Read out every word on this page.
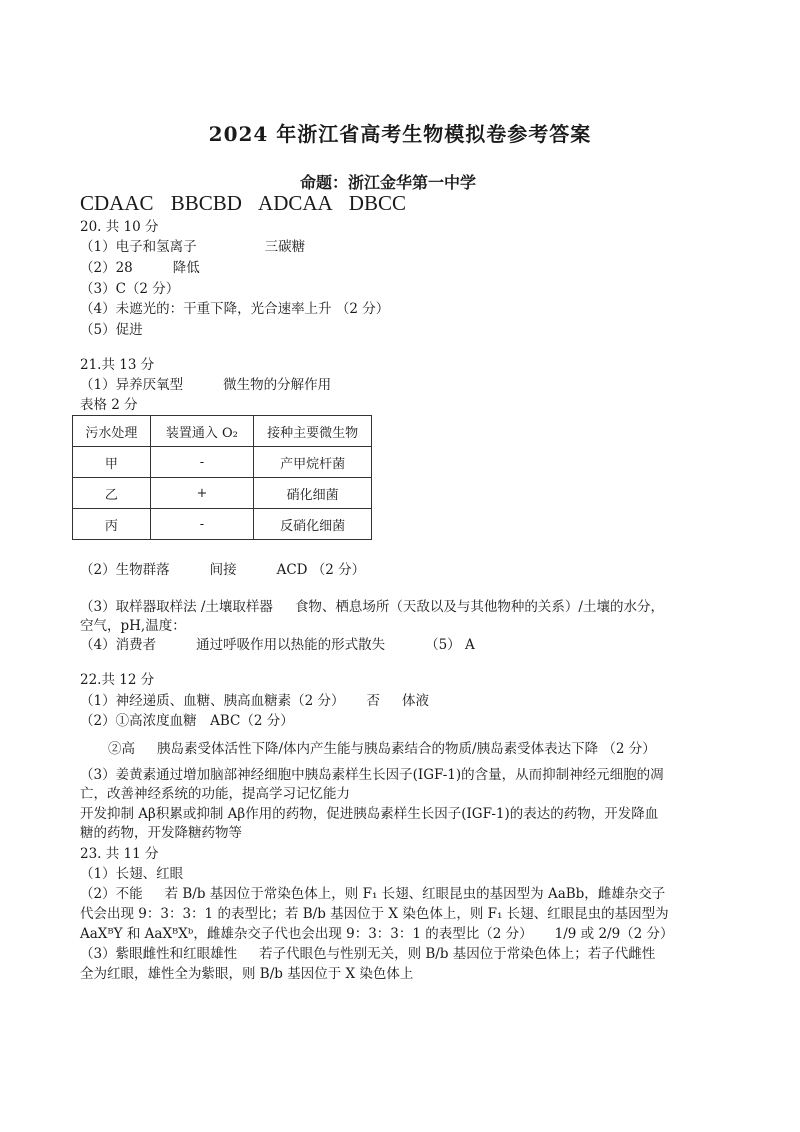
2024 年浙江省高考生物模拟卷参考答案
命题：浙江金华第一中学
CDAAC BBCBD ADCAA DBCC
20. 共 10 分
（1）电子和氢离子	三碳糖
（2）28	降低
（3）C（2 分）
（4）未遮光的：干重下降，光合速率上升 （2 分）
（5）促进
21.共 13 分
（1）异养厌氧型	微生物的分解作用
表格 2 分
污水处理	装置通入 O₂	接种主要微生物
甲	-	产甲烷杆菌
乙	+	硝化细菌
丙	-	反硝化细菌
（2）生物群落	间接	ACD （2 分）
（3）取样器取样法 /土壤取样器 食物、栖息场所（天敌以及与其他物种的关系）/土壤的水分，
空气，pH,温度：
（4）消费者	通过呼吸作用以热能的形式散失	（5） A
22.共 12 分
（1）神经递质、血糖、胰高血糖素（2 分） 否 体液
（2）①高浓度血糖　ABC（2 分）
②高 胰岛素受体活性下降/体内产生能与胰岛素结合的物质/胰岛素受体表达下降 （2 分）
（3）姜黄素通过增加脑部神经细胞中胰岛素样生长因子(IGF-1)的含量，从而抑制神经元细胞的凋
亡，改善神经系统的功能，提高学习记忆能力
开发抑制 Aβ积累或抑制 Aβ作用的药物，促进胰岛素样生长因子(IGF-1)的表达的药物，开发降血
糖的药物，开发降糖药物等
23. 共 11 分
（1）长翅、红眼
（2）不能 若 B/b 基因位于常染色体上，则 F₁ 长翅、红眼昆虫的基因型为 AaBb，雌雄杂交子
代会出现 9：3：3：1 的表型比；若 B/b 基因位于 X 染色体上，则 F₁ 长翅、红眼昆虫的基因型为
AaXᴮY 和 AaXᴮXᵇ，雌雄杂交子代也会出现 9：3：3：1 的表型比（2 分） 1/9 或 2/9（2 分）
（3）紫眼雌性和红眼雄性 若子代眼色与性别无关，则 B/b 基因位于常染色体上；若子代雌性
全为红眼，雄性全为紫眼，则 B/b 基因位于 X 染色体上
